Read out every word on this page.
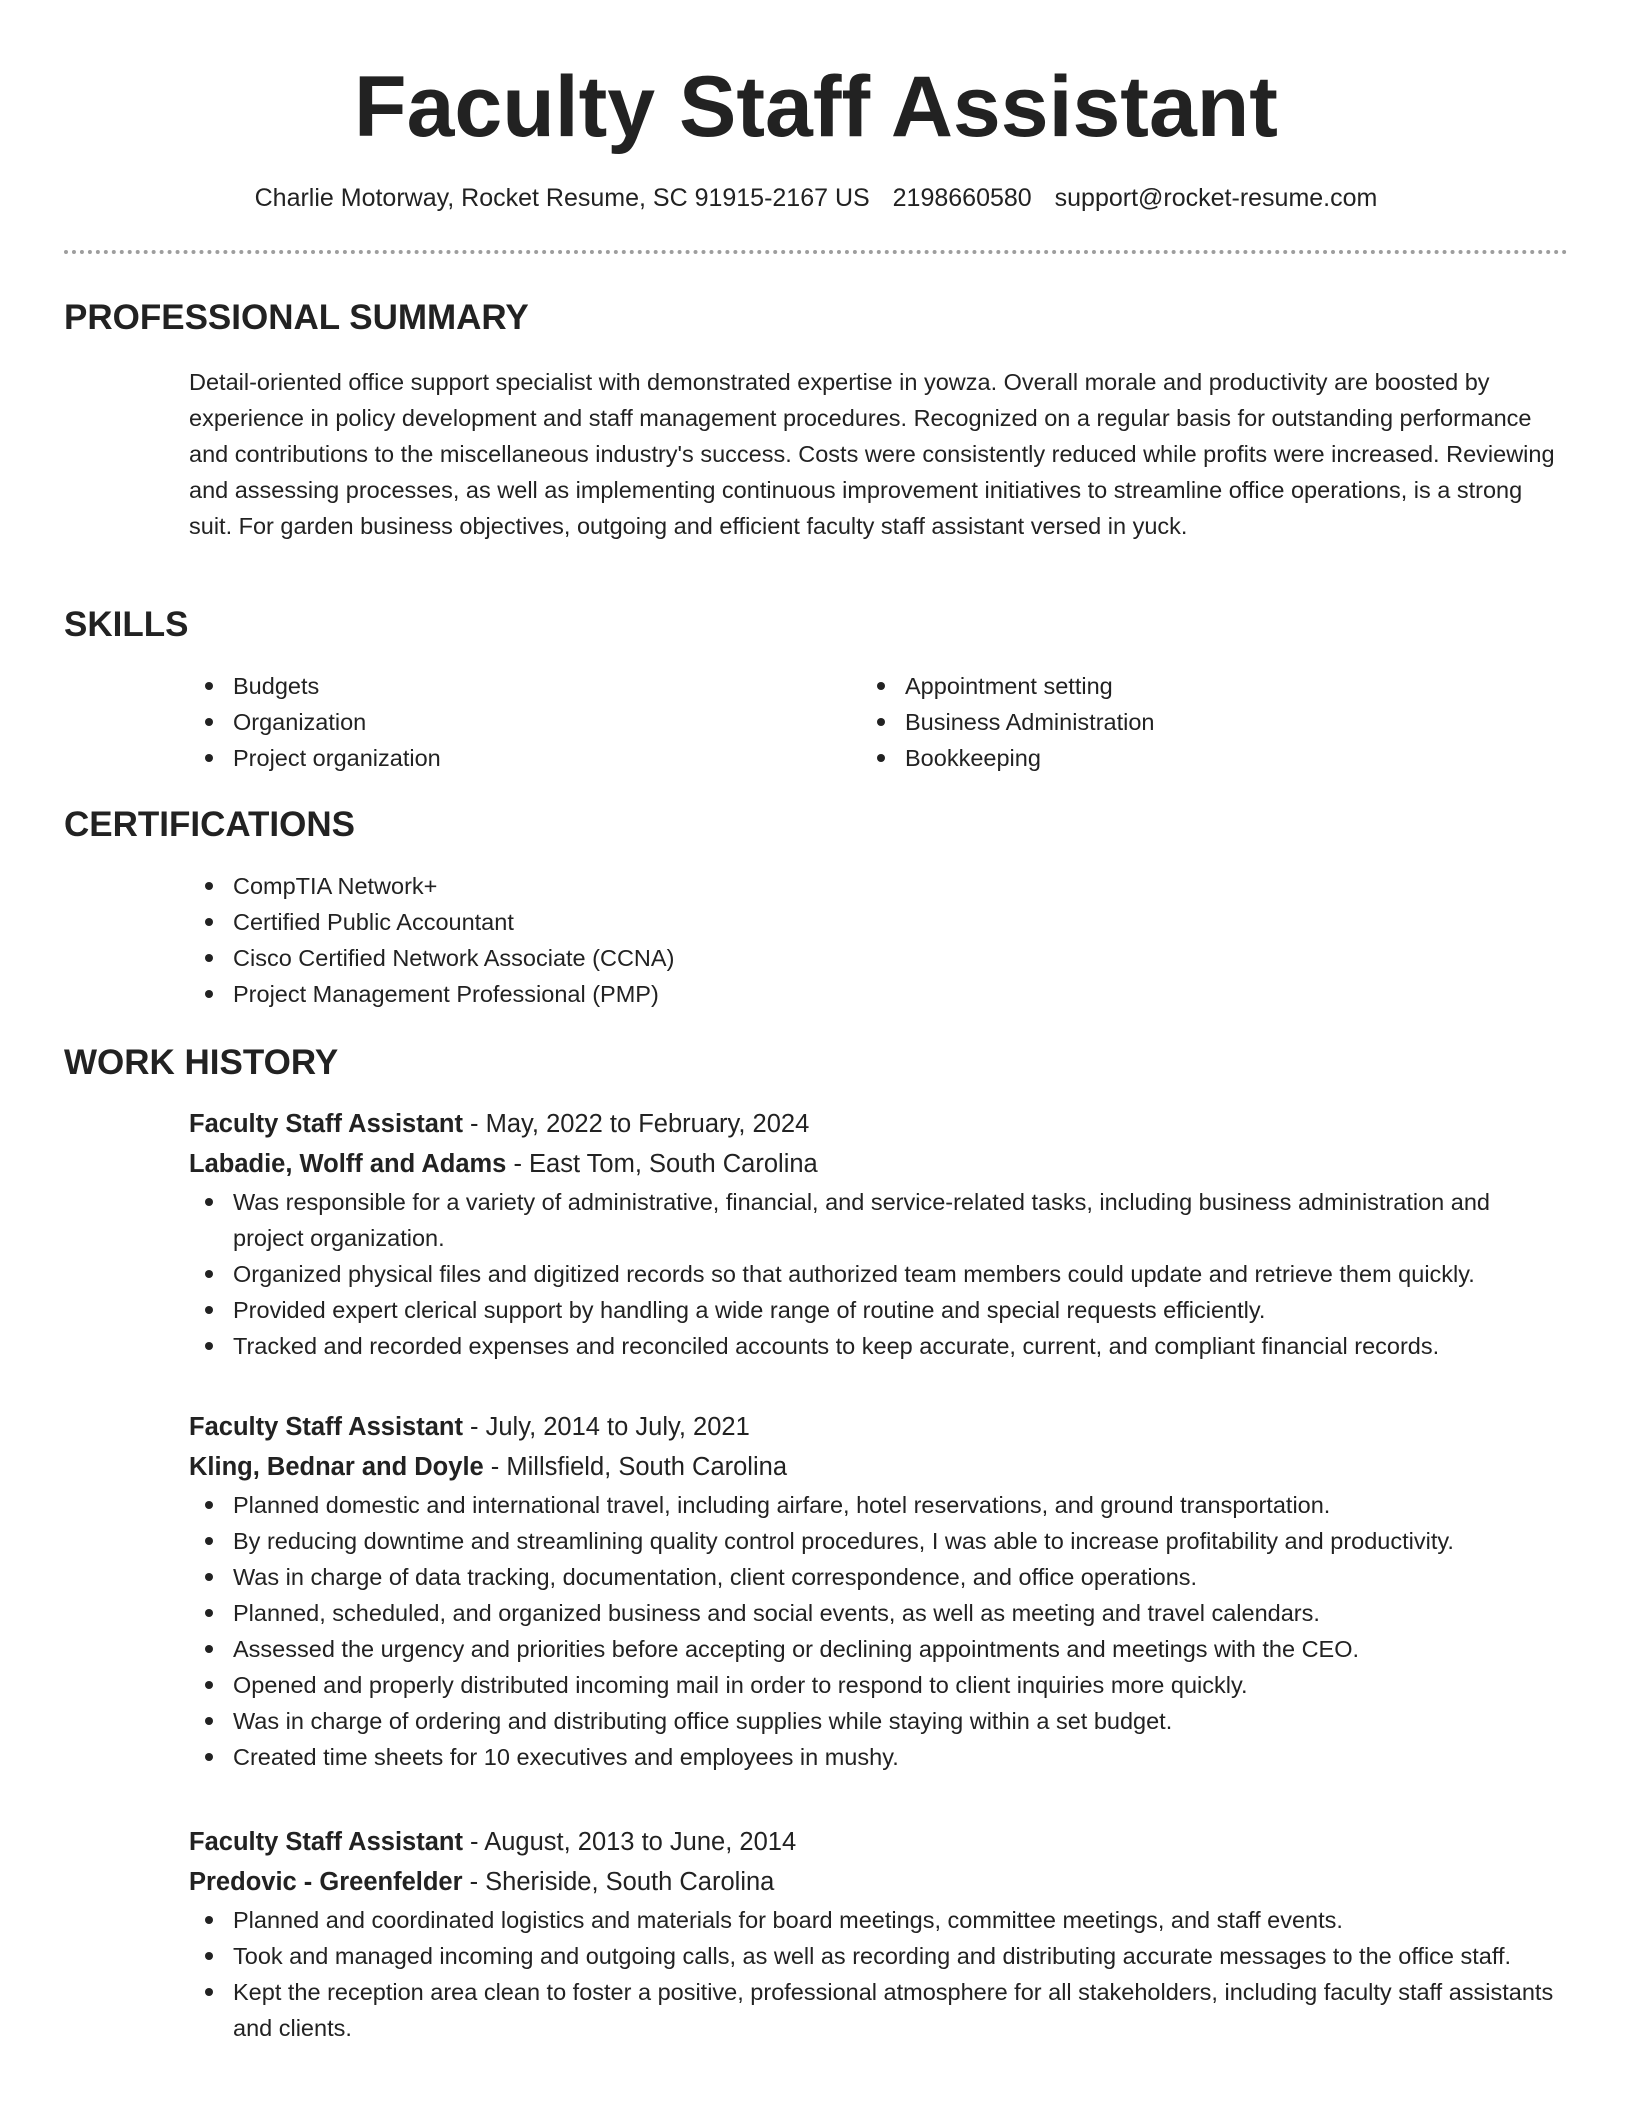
Faculty Staff Assistant
Charlie Motorway, Rocket Resume, SC 91915-2167 US 2198660580 support@rocket-resume.com
PROFESSIONAL SUMMARY

Detail-oriented office support specialist with demonstrated expertise in yowza. Overall morale and productivity are boosted by experience in policy development and staff management procedures. Recognized on a regular basis for outstanding performance and contributions to the miscellaneous industry's success. Costs were consistently reduced while profits were increased. Reviewing and assessing processes, as well as implementing continuous improvement initiatives to streamline office operations, is a strong suit. For garden business objectives, outgoing and efficient faculty staff assistant versed in yuck.

SKILLS
Budgets
Organization
Project organization
Appointment setting
Business Administration
Bookkeeping
CERTIFICATIONS
CompTIA Network+
Certified Public Accountant
Cisco Certified Network Associate (CCNA)
Project Management Professional (PMP)
WORK HISTORY
Faculty Staff Assistant - May, 2022 to February, 2024
Labadie, Wolff and Adams - East Tom, South Carolina
Was responsible for a variety of administrative, financial, and service-related tasks, including business administration and project organization.
Organized physical files and digitized records so that authorized team members could update and retrieve them quickly.
Provided expert clerical support by handling a wide range of routine and special requests efficiently.
Tracked and recorded expenses and reconciled accounts to keep accurate, current, and compliant financial records.
Faculty Staff Assistant - July, 2014 to July, 2021
Kling, Bednar and Doyle - Millsfield, South Carolina
Planned domestic and international travel, including airfare, hotel reservations, and ground transportation.
By reducing downtime and streamlining quality control procedures, I was able to increase profitability and productivity.
Was in charge of data tracking, documentation, client correspondence, and office operations.
Planned, scheduled, and organized business and social events, as well as meeting and travel calendars.
Assessed the urgency and priorities before accepting or declining appointments and meetings with the CEO.
Opened and properly distributed incoming mail in order to respond to client inquiries more quickly.
Was in charge of ordering and distributing office supplies while staying within a set budget.
Created time sheets for 10 executives and employees in mushy.
Faculty Staff Assistant - August, 2013 to June, 2014
Predovic - Greenfelder - Sheriside, South Carolina
Planned and coordinated logistics and materials for board meetings, committee meetings, and staff events.
Took and managed incoming and outgoing calls, as well as recording and distributing accurate messages to the office staff.
Kept the reception area clean to foster a positive, professional atmosphere for all stakeholders, including faculty staff assistants and clients.
